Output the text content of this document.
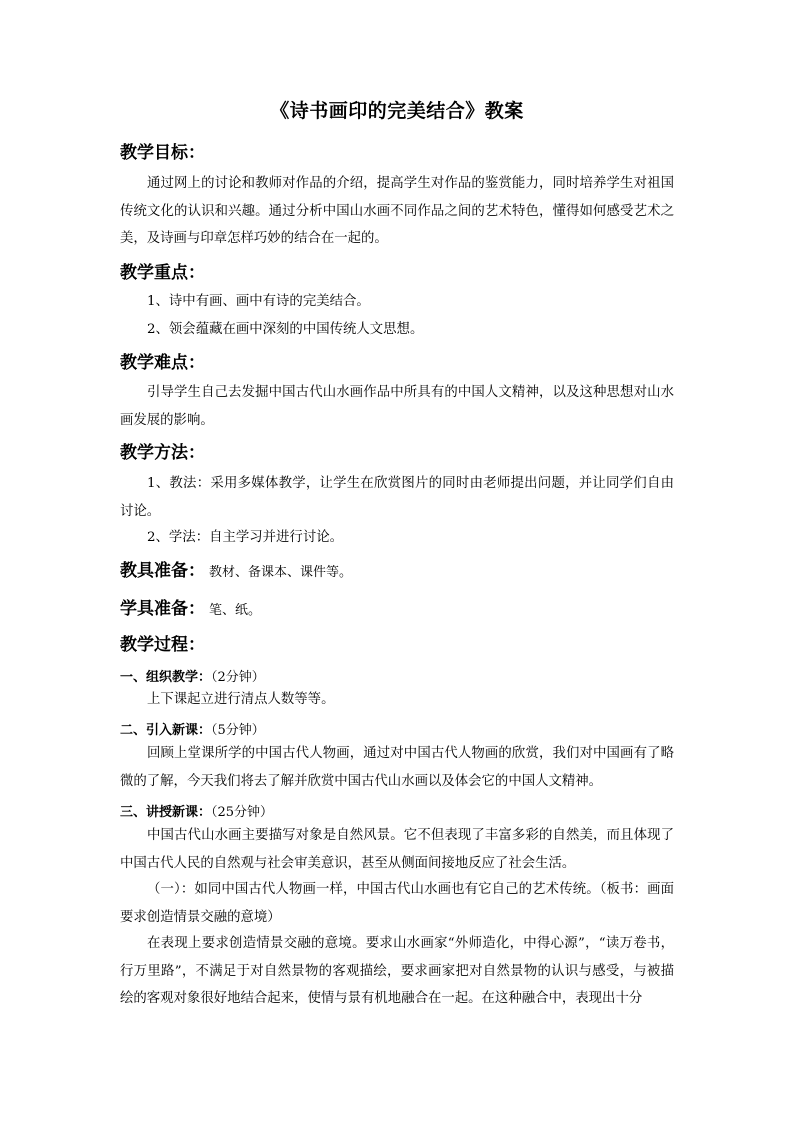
《诗书画印的完美结合》教案
教学目标：
通过网上的讨论和教师对作品的介绍，提高学生对作品的鉴赏能力，同时培养学生对祖国传统文化的认识和兴趣。通过分析中国山水画不同作品之间的艺术特色，懂得如何感受艺术之美，及诗画与印章怎样巧妙的结合在一起的。
教学重点：
1、诗中有画、画中有诗的完美结合。
2、领会蕴藏在画中深刻的中国传统人文思想。
教学难点：
引导学生自己去发掘中国古代山水画作品中所具有的中国人文精神，以及这种思想对山水画发展的影响。
教学方法：
1、教法：采用多媒体教学，让学生在欣赏图片的同时由老师提出问题，并让同学们自由讨论。
2、学法：自主学习并进行讨论。
教具准备： 教材、备课本、课件等。
学具准备： 笔、纸。
教学过程：
一、组织教学：（2分钟）
上下课起立进行清点人数等等。
二、引入新课：（5分钟）
回顾上堂课所学的中国古代人物画，通过对中国古代人物画的欣赏，我们对中国画有了略微的了解，今天我们将去了解并欣赏中国古代山水画以及体会它的中国人文精神。
三、讲授新课：（25分钟）
中国古代山水画主要描写对象是自然风景。它不但表现了丰富多彩的自然美，而且体现了中国古代人民的自然观与社会审美意识，甚至从侧面间接地反应了社会生活。
（一）：如同中国古代人物画一样，中国古代山水画也有它自己的艺术传统。（板书：画面要求创造情景交融的意境）
在表现上要求创造情景交融的意境。要求山水画家“外师造化，中得心源”，“读万卷书，行万里路”，不满足于对自然景物的客观描绘，要求画家把对自然景物的认识与感受，与被描绘的客观对象很好地结合起来，使情与景有机地融合在一起。在这种融合中，表现出十分
